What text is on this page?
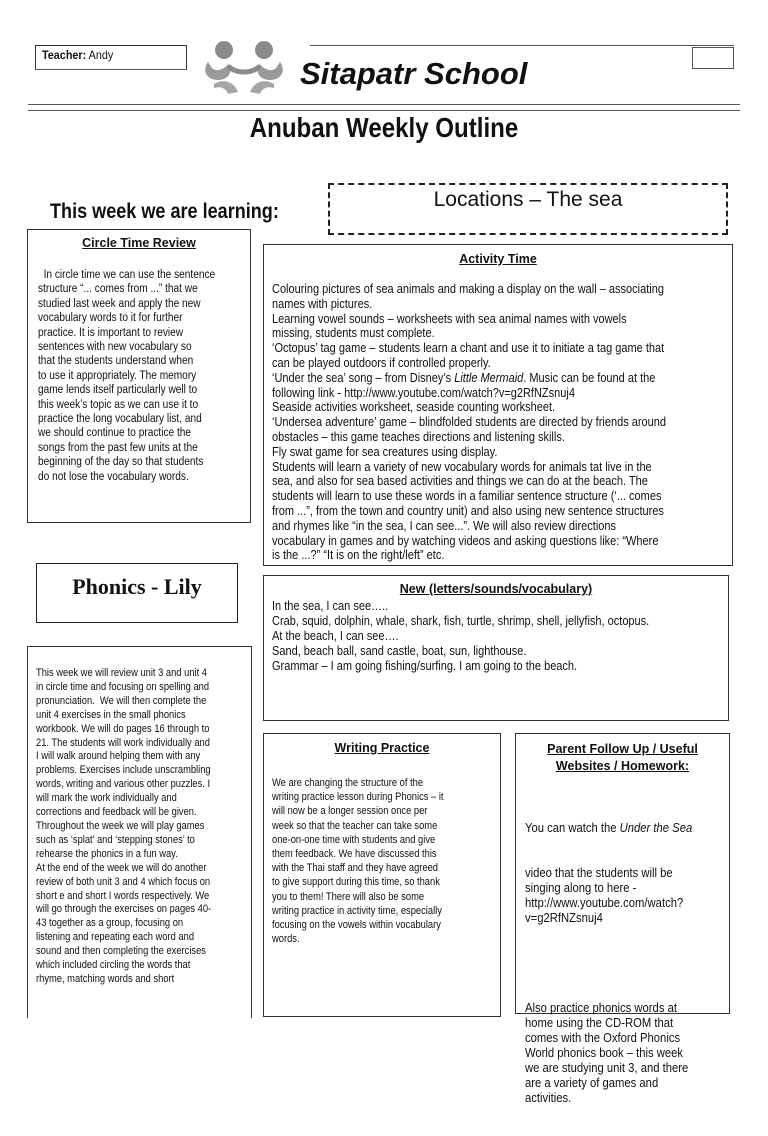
Teacher: Andy
Sitapatr School
Anuban Weekly Outline
This week we are learning:
Locations – The sea
Circle Time Review
In circle time we can use the sentence
structure “... comes from ...” that we
studied last week and apply the new
vocabulary words to it for further
practice. It is important to review
sentences with new vocabulary so
that the students understand when
to use it appropriately. The memory
game lends itself particularly well to
this week’s topic as we can use it to
practice the long vocabulary list, and
we should continue to practice the
songs from the past few units at the
beginning of the day so that students
do not lose the vocabulary words.
Activity Time
Colouring pictures of sea animals and making a display on the wall – associating
names with pictures.
Learning vowel sounds – worksheets with sea animal names with vowels
missing, students must complete.
‘Octopus’ tag game – students learn a chant and use it to initiate a tag game that
can be played outdoors if controlled properly.
‘Under the sea’ song – from Disney’s Little Mermaid. Music can be found at the
following link - http://www.youtube.com/watch?v=g2RfNZsnuj4
Seaside activities worksheet, seaside counting worksheet.
‘Undersea adventure’ game – blindfolded students are directed by friends around
obstacles – this game teaches directions and listening skills.
Fly swat game for sea creatures using display.
Students will learn a variety of new vocabulary words for animals tat live in the
sea, and also for sea based activities and things we can do at the beach. The
students will learn to use these words in a familiar sentence structure (‘... comes
from ...”, from the town and country unit) and also using new sentence structures
and rhymes like “in the sea, I can see...”. We will also review directions
vocabulary in games and by watching videos and asking questions like: “Where
is the ...?” “It is on the right/left” etc.
Phonics - Lily	New (letters/sounds/vocabulary)
In the sea, I can see…..
Crab, squid, dolphin, whale, shark, fish, turtle, shrimp, shell, jellyfish, octopus.
At the beach, I can see….
Sand, beach ball, sand castle, boat, sun, lighthouse.
Grammar – I am going fishing/surfing. I am going to the beach.
This week we will review unit 3 and unit 4
in circle time and focusing on spelling and
pronunciation.  We will then complete the
unit 4 exercises in the small phonics
workbook. We will do pages 16 through to
21. The students will work individually and
I will walk around helping them with any
problems. Exercises include unscrambling
words, writing and various other puzzles. I
will mark the work individually and
corrections and feedback will be given.
Throughout the week we will play games
such as ‘splat’ and ‘stepping stones’ to
rehearse the phonics in a fun way.
At the end of the week we will do another
review of both unit 3 and 4 which focus on
short e and short I words respectively. We
will go through the exercises on pages 40-
43 together as a group, focusing on
listening and repeating each word and
sound and then completing the exercises
which included circling the words that
rhyme, matching words and short
Writing Practice
We are changing the structure of the
writing practice lesson during Phonics – it
will now be a longer session once per
week so that the teacher can take some
one-on-one time with students and give
them feedback. We have discussed this
with the Thai staff and they have agreed
to give support during this time, so thank
you to them! There will also be some
writing practice in activity time, especially
focusing on the vowels within vocabulary
words.
Parent Follow Up / Useful
Websites / Homework:

You can watch the Under the Sea

video that the students will be
singing along to here -
http://www.youtube.com/watch?
v=g2RfNZsnuj4

Also practice phonics words at
home using the CD-ROM that
comes with the Oxford Phonics
World phonics book – this week
we are studying unit 3, and there
are a variety of games and
activities.
